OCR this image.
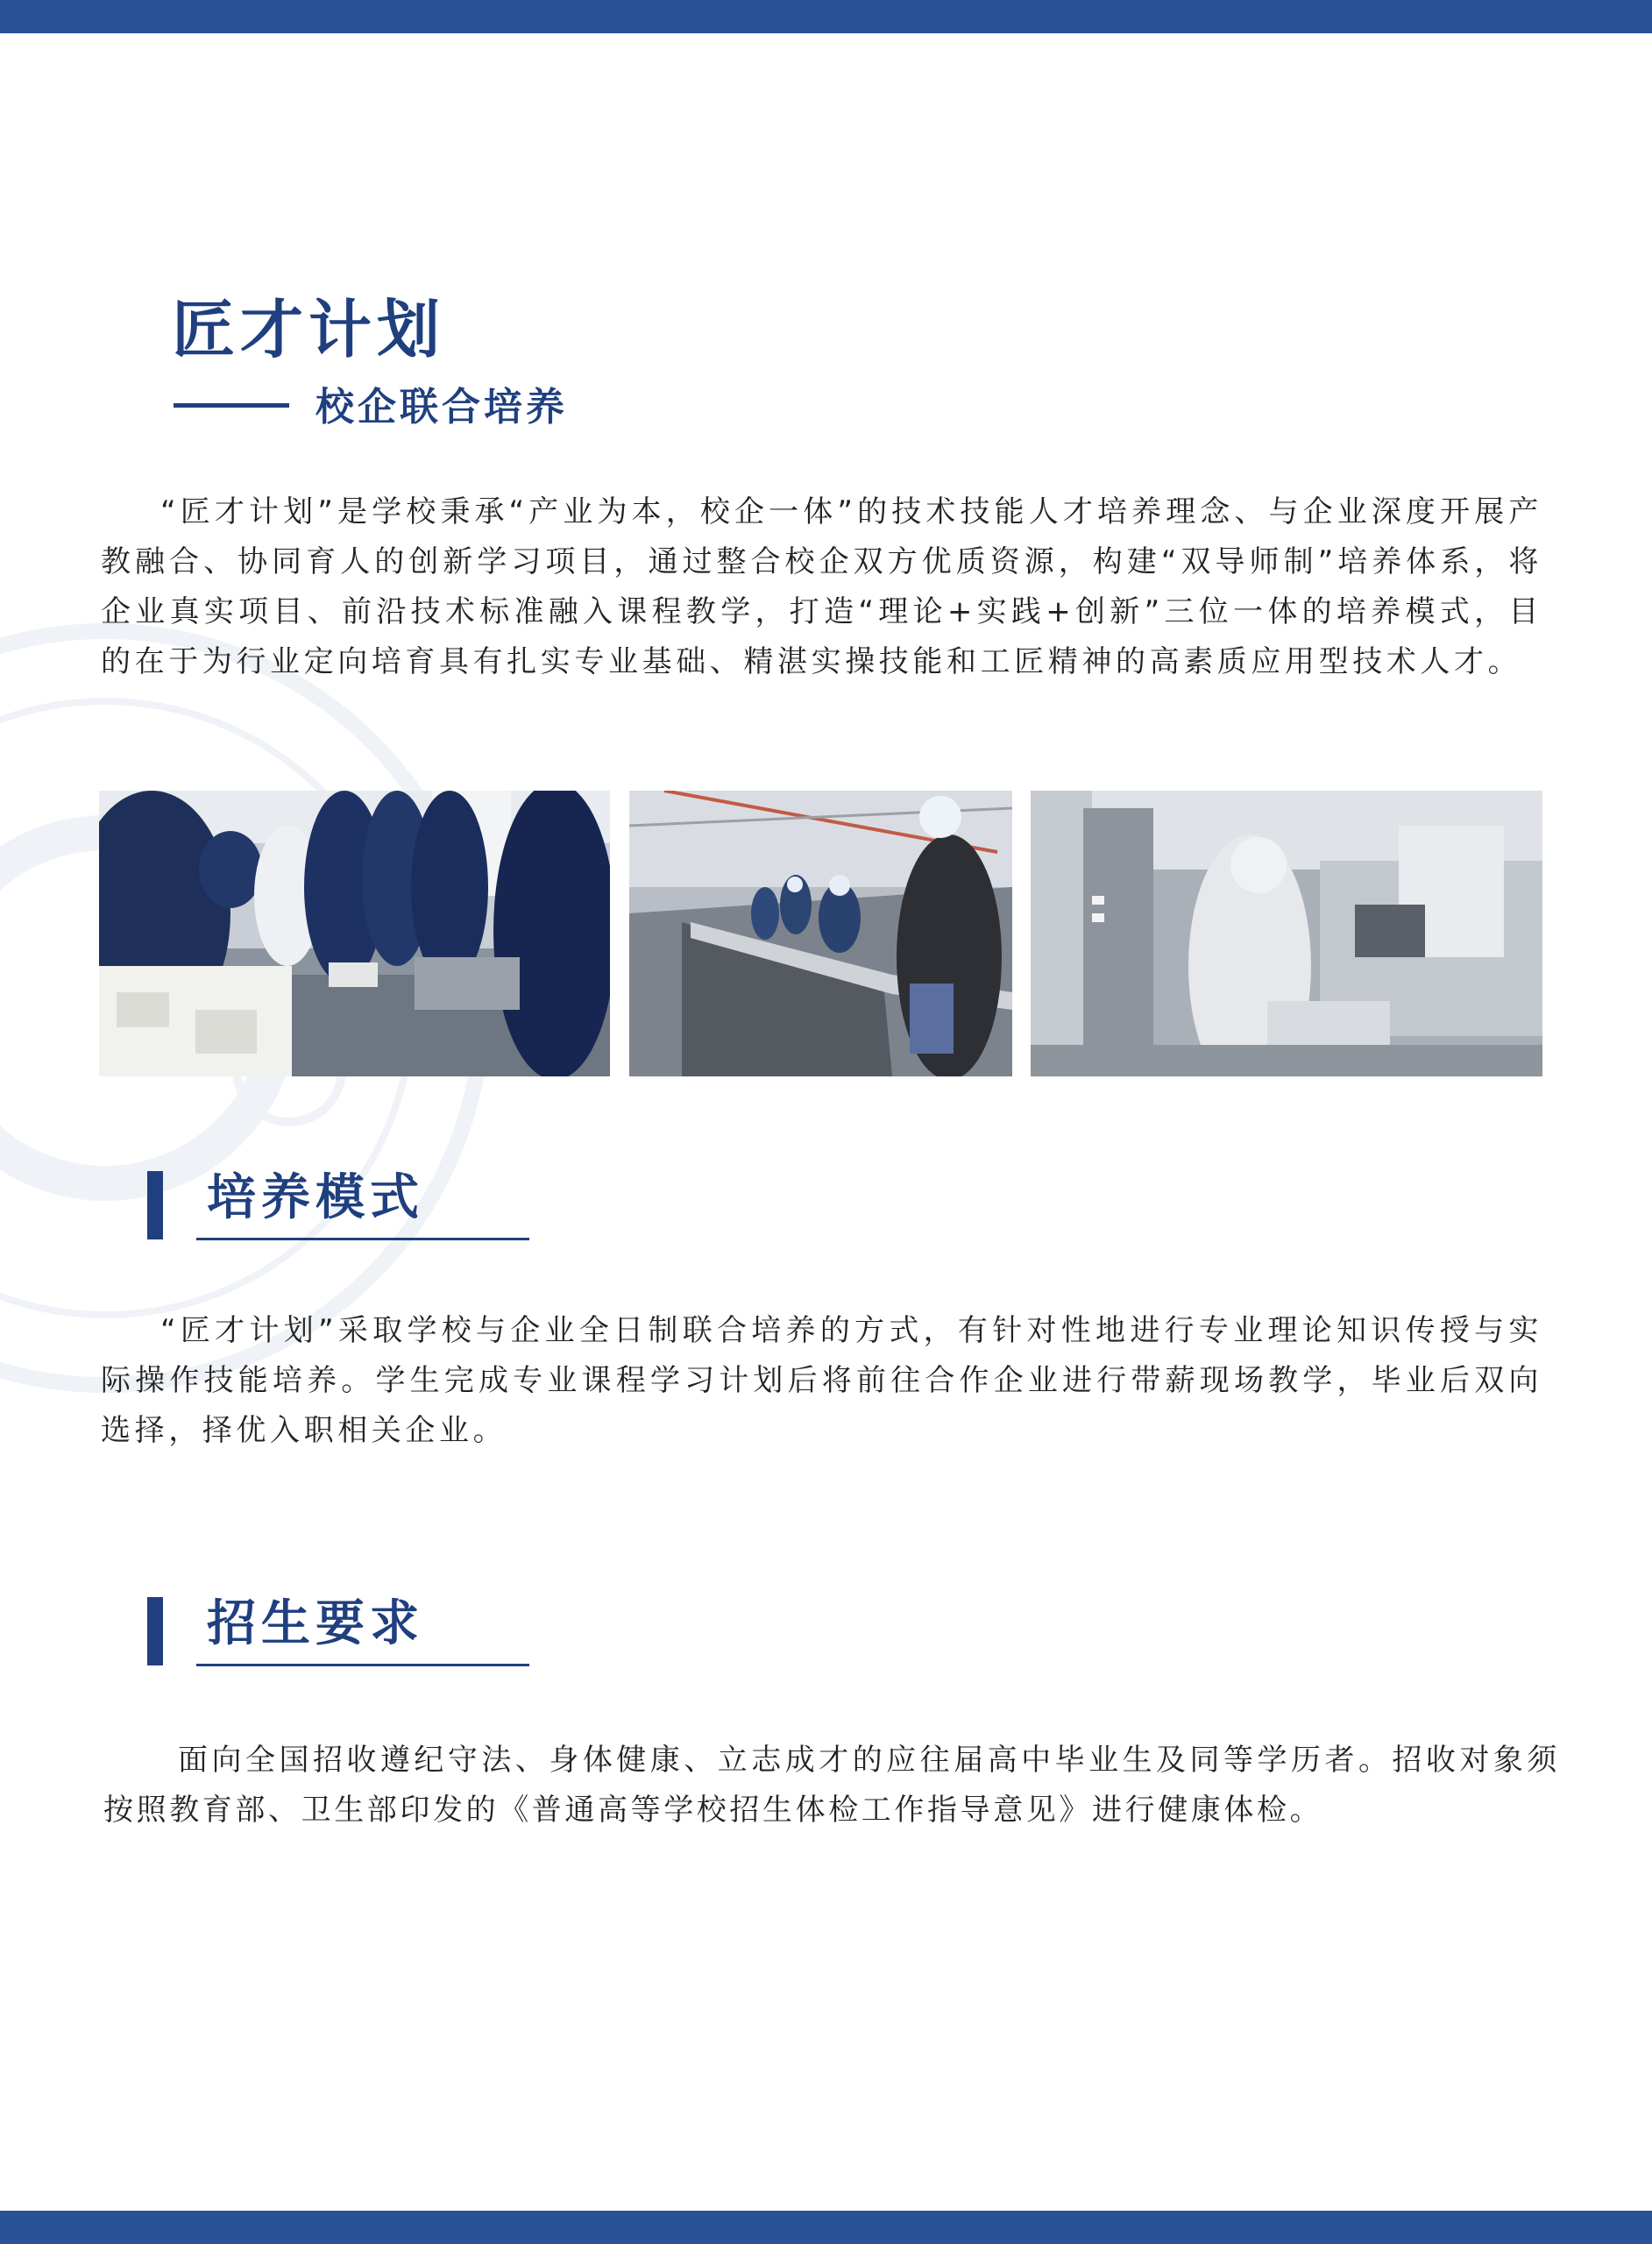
匠才计划
校企联合培养
“匠才计划”是学校秉承“产业为本，校企一体”的技术技能人才培养理念、与企业深度开展产教融合、协同育人的创新学习项目，通过整合校企双方优质资源，构建“双导师制”培养体系，将企业真实项目、前沿技术标准融入课程教学，打造“理论+实践+创新”三位一体的培养模式，目的在于为行业定向培育具有扎实专业基础、精湛实操技能和工匠精神的高素质应用型技术人才。
培养模式
“匠才计划”采取学校与企业全日制联合培养的方式，有针对性地进行专业理论知识传授与实际操作技能培养。学生完成专业课程学习计划后将前往合作企业进行带薪现场教学，毕业后双向选择，择优入职相关企业。
招生要求
面向全国招收遵纪守法、身体健康、立志成才的应往届高中毕业生及同等学历者。招收对象须按照教育部、卫生部印发的《普通高等学校招生体检工作指导意见》进行健康体检。
